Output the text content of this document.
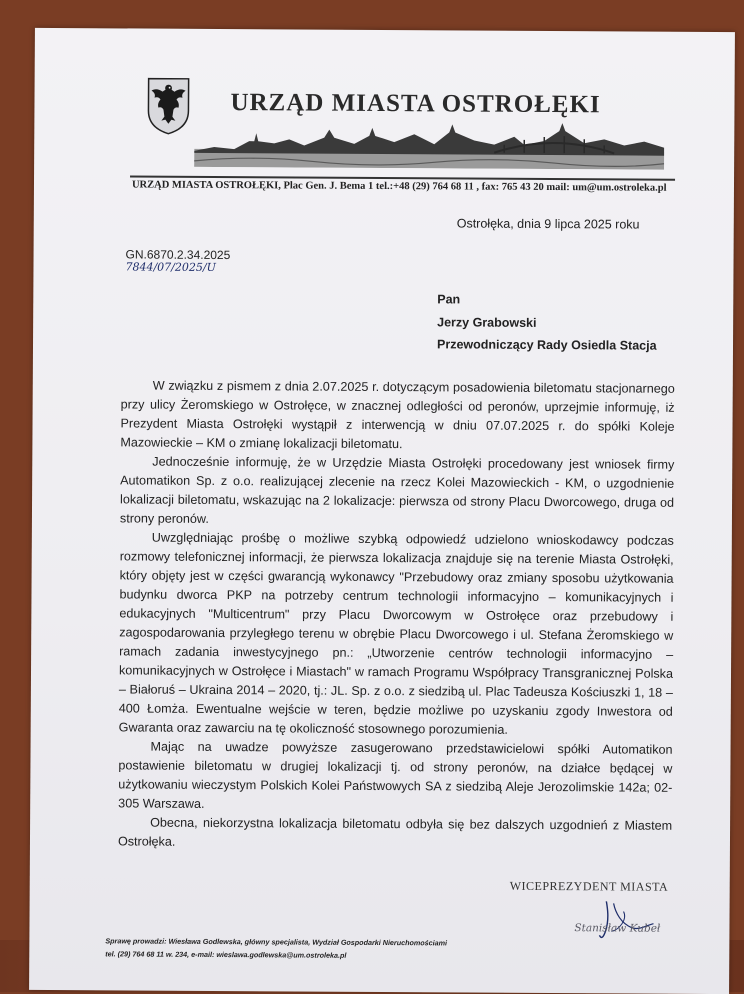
URZĄD MIASTA OSTROŁĘKI
URZĄD MIASTA OSTROŁĘKI, Plac Gen. J. Bema 1 tel.:+48 (29) 764 68 11 , fax: 765 43 20 mail: um@um.ostroleka.pl
Ostrołęka, dnia 9 lipca 2025 roku
GN.6870.2.34.2025
7844/07/2025/U
Pan
Jerzy Grabowski
Przewodniczący Rady Osiedla Stacja

W związku z pismem z dnia 2.07.2025 r. dotyczącym posadowienia biletomatu stacjonarnego przy ulicy Żeromskiego w Ostrołęce, w znacznej odległości od peronów, uprzejmie informuję, iż Prezydent Miasta Ostrołęki wystąpił z interwencją w dniu 07.07.2025 r. do spółki Koleje Mazowieckie – KM o zmianę lokalizacji biletomatu.

Jednocześnie informuję, że w Urzędzie Miasta Ostrołęki procedowany jest wniosek firmy Automatikon Sp. z o.o. realizującej zlecenie na rzecz Kolei Mazowieckich - KM, o uzgodnienie lokalizacji biletomatu, wskazując na 2 lokalizacje: pierwsza od strony Placu Dworcowego, druga od strony peronów.

Uwzględniając prośbę o możliwe szybką odpowiedź udzielono wnioskodawcy podczas rozmowy telefonicznej informacji, że pierwsza lokalizacja znajduje się na terenie Miasta Ostrołęki, który objęty jest w części gwarancją wykonawcy "Przebudowy oraz zmiany sposobu użytkowania budynku dworca PKP na potrzeby centrum technologii informacyjno – komunikacyjnych i edukacyjnych "Multicentrum" przy Placu Dworcowym w Ostrołęce oraz przebudowy i zagospodarowania przyległego terenu w obrębie Placu Dworcowego i ul. Stefana Żeromskiego w ramach zadania inwestycyjnego pn.: „Utworzenie centrów technologii informacyjno – komunikacyjnych w Ostrołęce i Miastach" w ramach Programu Współpracy Transgranicznej Polska – Białoruś – Ukraina 2014 – 2020, tj.: JL. Sp. z o.o. z siedzibą ul. Plac Tadeusza Kościuszki 1, 18 – 400 Łomża. Ewentualne wejście w teren, będzie możliwe po uzyskaniu zgody Inwestora od Gwaranta oraz zawarciu na tę okoliczność stosownego porozumienia.

Mając na uwadze powyższe zasugerowano przedstawicielowi spółki Automatikon postawienie biletomatu w drugiej lokalizacji tj. od strony peronów, na działce będącej w użytkowaniu wieczystym Polskich Kolei Państwowych SA z siedzibą Aleje Jerozolimskie 142a; 02-305 Warszawa.

Obecna, niekorzystna lokalizacja biletomatu odbyła się bez dalszych uzgodnień z Miastem Ostrołęka.

WICEPREZYDENT MIASTA
Stanisław Kubeł
Sprawę prowadzi: Wiesława Godlewska, główny specjalista, Wydział Gospodarki Nieruchomościami
tel. (29) 764 68 11 w. 234, e-mail: wieslawa.godlewska@um.ostroleka.pl
